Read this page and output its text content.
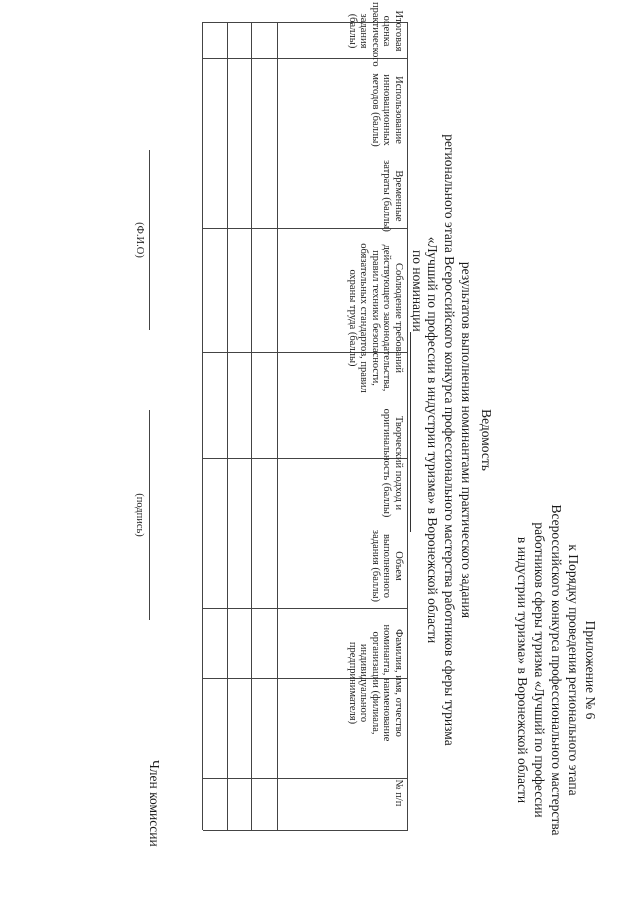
Приложение № 6
к Порядку проведения регионального этапа
Всероссийского конкурса профессионального мастерства
работников сферы туризма «Лучший по профессии
в индустрии туризма» в Воронежской области
Ведомость
результатов выполнения номинантами практического задания
регионального этапа Всероссийского конкурса профессионального мастерства работников сферы туризма
«Лучший по профессии в индустрии туризма» в Воронежской области
по номинации
№ п/п
Фамилия, имя, отчество номинанта, наименование организации (филиала, индивидуального предпринимателя)
Объем выполненного задания (баллы)
Творческий подход и оригинальность (баллы)
Соблюдение требований действующего законодательства, правил техники безопасности, обязательных стандартов, правил охраны труда (баллы)
Временные затраты (баллы)
Использование инновационных методов (баллы)
Итоговая оценка практического задания (баллы)
Член комиссии
(подпись)
(Ф.И.О)
